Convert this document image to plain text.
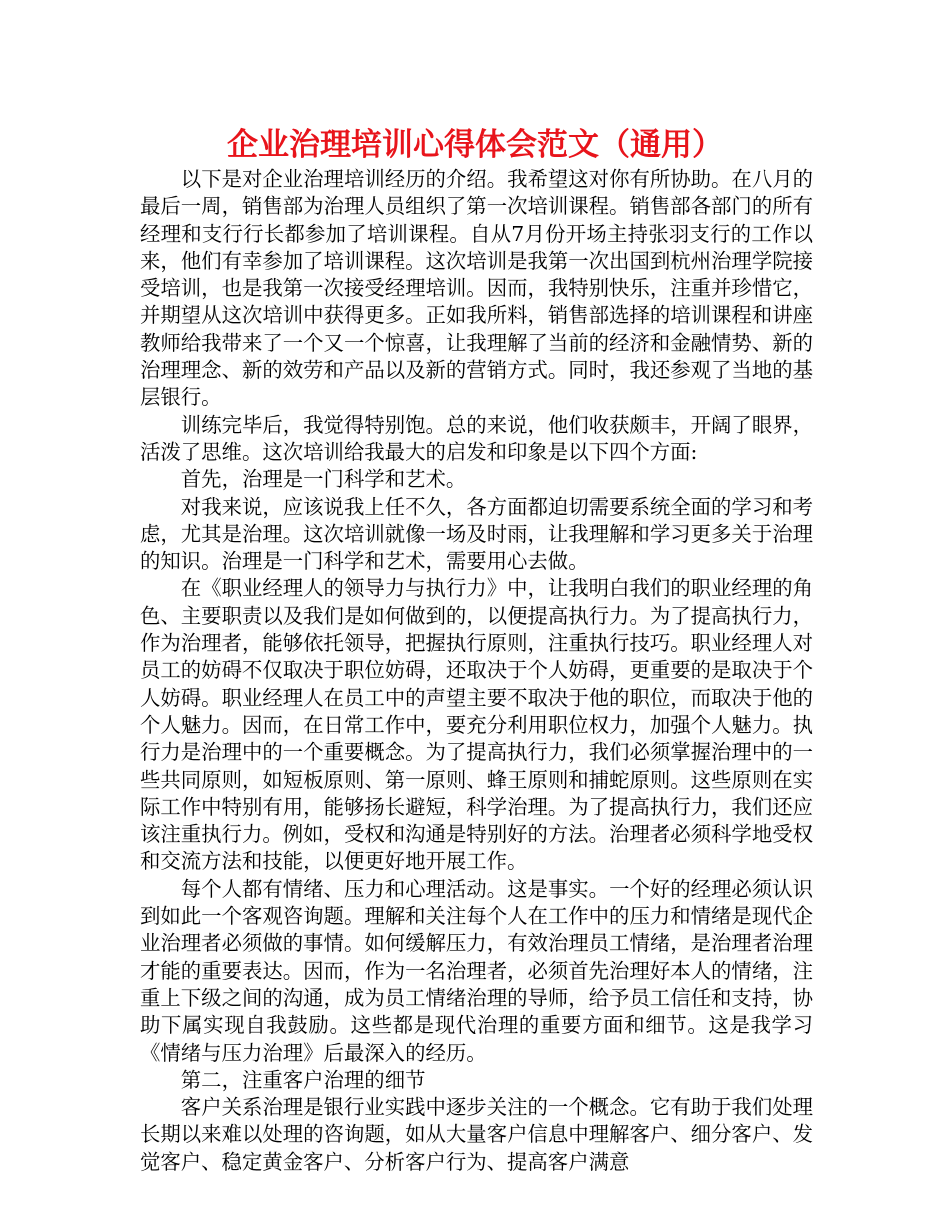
企业治理培训心得体会范文（通用）

以下是对企业治理培训经历的介绍。我希望这对你有所协助。在八月的最后一周，销售部为治理人员组织了第一次培训课程。销售部各部门的所有经理和支行行长都参加了培训课程。自从7月份开场主持张羽支行的工作以来，他们有幸参加了培训课程。这次培训是我第一次出国到杭州治理学院接受培训，也是我第一次接受经理培训。因而，我特别快乐，注重并珍惜它，并期望从这次培训中获得更多。正如我所料，销售部选择的培训课程和讲座教师给我带来了一个又一个惊喜，让我理解了当前的经济和金融情势、新的治理理念、新的效劳和产品以及新的营销方式。同时，我还参观了当地的基层银行。

训练完毕后，我觉得特别饱。总的来说，他们收获颇丰，开阔了眼界，活泼了思维。这次培训给我最大的启发和印象是以下四个方面:

首先，治理是一门科学和艺术。

对我来说，应该说我上任不久，各方面都迫切需要系统全面的学习和考虑，尤其是治理。这次培训就像一场及时雨，让我理解和学习更多关于治理的知识。治理是一门科学和艺术，需要用心去做。

在《职业经理人的领导力与执行力》中，让我明白我们的职业经理的角色、主要职责以及我们是如何做到的，以便提高执行力。为了提高执行力，作为治理者，能够依托领导，把握执行原则，注重执行技巧。职业经理人对员工的妨碍不仅取决于职位妨碍，还取决于个人妨碍，更重要的是取决于个人妨碍。职业经理人在员工中的声望主要不取决于他的职位，而取决于他的个人魅力。因而，在日常工作中，要充分利用职位权力，加强个人魅力。执行力是治理中的一个重要概念。为了提高执行力，我们必须掌握治理中的一些共同原则，如短板原则、第一原则、蜂王原则和捕蛇原则。这些原则在实际工作中特别有用，能够扬长避短，科学治理。为了提高执行力，我们还应该注重执行力。例如，受权和沟通是特别好的方法。治理者必须科学地受权和交流方法和技能，以便更好地开展工作。

每个人都有情绪、压力和心理活动。这是事实。一个好的经理必须认识到如此一个客观咨询题。理解和关注每个人在工作中的压力和情绪是现代企业治理者必须做的事情。如何缓解压力，有效治理员工情绪，是治理者治理才能的重要表达。因而，作为一名治理者，必须首先治理好本人的情绪，注重上下级之间的沟通，成为员工情绪治理的导师，给予员工信任和支持，协助下属实现自我鼓励。这些都是现代治理的重要方面和细节。这是我学习《情绪与压力治理》后最深入的经历。

第二，注重客户治理的细节

客户关系治理是银行业实践中逐步关注的一个概念。它有助于我们处理长期以来难以处理的咨询题，如从大量客户信息中理解客户、细分客户、发觉客户、稳定黄金客户、分析客户行为、提高客户满意
